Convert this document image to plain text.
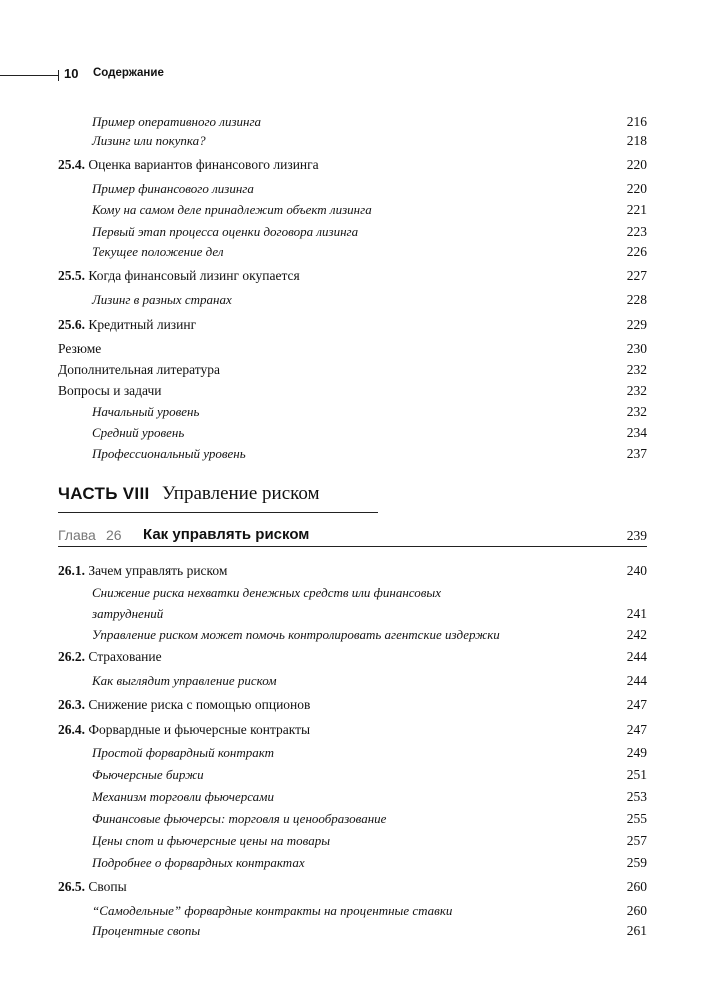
10 Содержание
Пример оперативного лизинга	216
Лизинг или покупка?	218
25.4. Оценка вариантов финансового лизинга	220
Пример финансового лизинга	220
Кому на самом деле принадлежит объект лизинга	221
Первый этап процесса оценки договора лизинга	223
Текущее положение дел	226
25.5. Когда финансовый лизинг окупается	227
Лизинг в разных странах	228
25.6. Кредитный лизинг	229
Резюме	230
Дополнительная литература	232
Вопросы и задачи	232
Начальный уровень	232
Средний уровень	234
Профессиональный уровень	237
ЧАСТЬ VIII Управление риском
Глава 26 Как управлять риском	239
26.1. Зачем управлять риском	240
Снижение риска нехватки денежных средств или финансовых
затруднений	241
Управление риском может помочь контролировать агентские издержки	242
26.2. Страхование	244
Как выглядит управление риском	244
26.3. Снижение риска с помощью опционов	247
26.4. Форвардные и фьючерсные контракты	247
Простой форвардный контракт	249
Фьючерсные биржи	251
Механизм торговли фьючерсами	253
Финансовые фьючерсы: торговля и ценообразование	255
Цены спот и фьючерсные цены на товары	257
Подробнее о форвардных контрактах	259
26.5. Свопы	260
“Самодельные” форвардные контракты на процентные ставки	260
Процентные свопы	261
